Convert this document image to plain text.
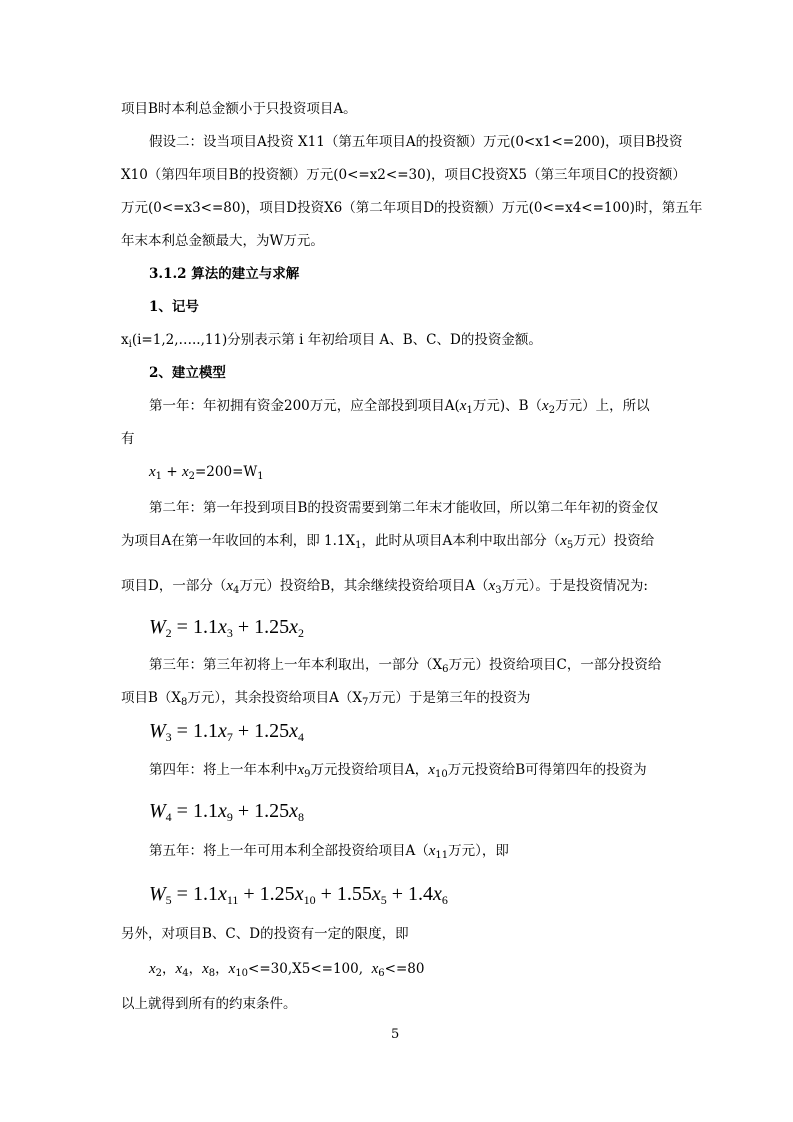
项目B时本利总金额小于只投资项目A。
假设二：设当项目A投资 X11（第五年项目A的投资额）万元(0<x1<=200)，项目B投资
X10（第四年项目B的投资额）万元(0<=x2<=30)，项目C投资X5（第三年项目C的投资额）
万元(0<=x3<=80)，项目D投资X6（第二年项目D的投资额）万元(0<=x4<=100)时，第五年
年末本利总金额最大，为W万元。
3.1.2 算法的建立与求解
1、记号
$x_i(i=1,2,\dots..,11)$分别表示第 i 年初给项目 A、B、C、D的投资金额。
2、建立模型
第一年：年初拥有资金200万元，应全部投到项目$A(x_1$万元)、$B(x_2$万元）上，所以
有
$x_1 + x_2=200=W_1$
第二年：第一年投到项目B的投资需要到第二年末才能收回，所以第二年年初的资金仅
为项目A在第一年收回的本利，即 $1.1X_1$，此时从项目A本利中取出部分（$x_5$万元）投资给
项目D，一部分（$x_4$万元）投资给B，其余继续投资给项目$A(x_3$万元）。于是投资情况为:
$W_2 = 1.1x_3 + 1.25x_2$
第三年：第三年初将上一年本利取出，一部分（$X_6$万元）投资给项目C，一部分投资给
项目$B(X_8$万元），其余投资给项目$A(X_7$万元）于是第三年的投资为
$W_3 = 1.1x_7 + 1.25x_4$
第四年：将上一年本利中$x_9$万元投资给项目A，$x_{10}$万元投资给B可得第四年的投资为
$W_4 = 1.1x_9 + 1.25x_8$
第五年：将上一年可用本利全部投资给项目$A(x_{11}$万元），即
$W_5 = 1.1x_{11} + 1.25x_{10} + 1.55x_5 + 1.4x_6$
另外，对项目B、C、D的投资有一定的限度，即
$x_2$，$x_4$，$x_8$，$x_{10}<=30,X5<=100$, $x_6<=80$
以上就得到所有的约束条件。
5
